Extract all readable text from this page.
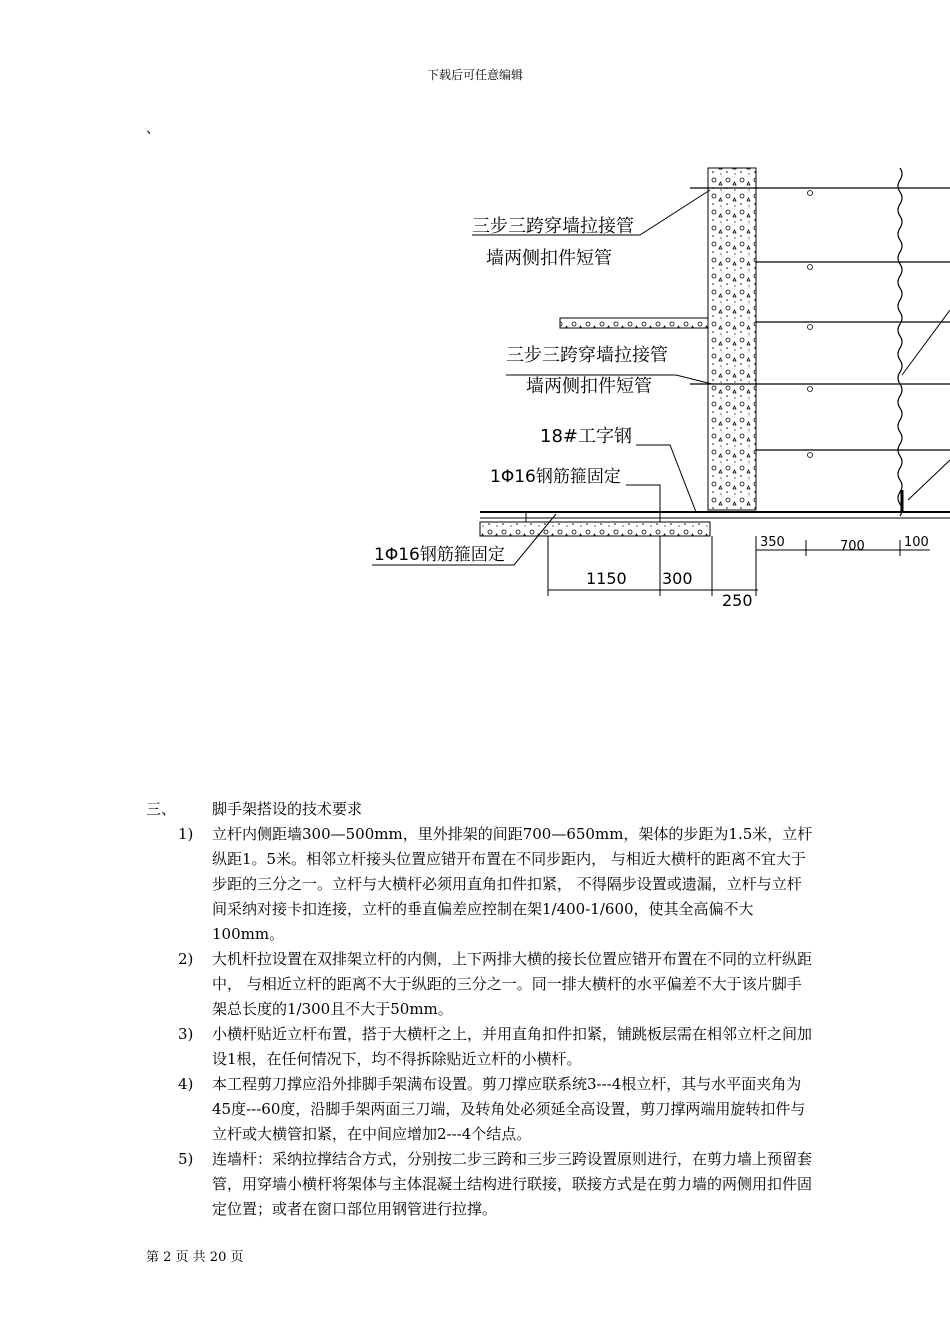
下载后可任意编辑
、
三步三跨穿墙拉接管
墙两侧扣件短管
三步三跨穿墙拉接管
墙两侧扣件短管
18#工字钢
1Φ16钢筋箍固定
1Φ16钢筋箍固定
1150 300
250
350	700	100
三、 脚手架搭设的技术要求
1) 立杆内侧距墙300—500mm，里外排架的间距700—650mm，架体的步距为1.5米，立杆纵距1。5米。相邻立杆接头位置应错开布置在不同步距内， 与相近大横杆的距离不宜大于步距的三分之一。立杆与大横杆必须用直角扣件扣紧， 不得隔步设置或遗漏，立杆与立杆间采纳对接卡扣连接，立杆的垂直偏差应控制在架1/400-1/600，使其全高偏不大100mm。
2) 大机杆拉设置在双排架立杆的内侧，上下两排大横的接长位置应错开布置在不同的立杆纵距中， 与相近立杆的距离不大于纵距的三分之一。同一排大横杆的水平偏差不大于该片脚手架总长度的1/300且不大于50mm。
3) 小横杆贴近立杆布置，搭于大横杆之上，并用直角扣件扣紧，铺跳板层需在相邻立杆之间加设1根，在任何情况下，均不得拆除贴近立杆的小横杆。
4) 本工程剪刀撑应沿外排脚手架满布设置。剪刀撑应联系统3---4根立杆，其与水平面夹角为45度---60度，沿脚手架两面三刀端，及转角处必须延全高设置，剪刀撑两端用旋转扣件与立杆或大横管扣紧，在中间应增加2---4个结点。
5) 连墙杆：采纳拉撑结合方式，分别按二步三跨和三步三跨设置原则进行，在剪力墙上预留套管，用穿墙小横杆将架体与主体混凝土结构进行联接，联接方式是在剪力墙的两侧用扣件固定位置；或者在窗口部位用钢管进行拉撑。
第 2 页 共 20 页
